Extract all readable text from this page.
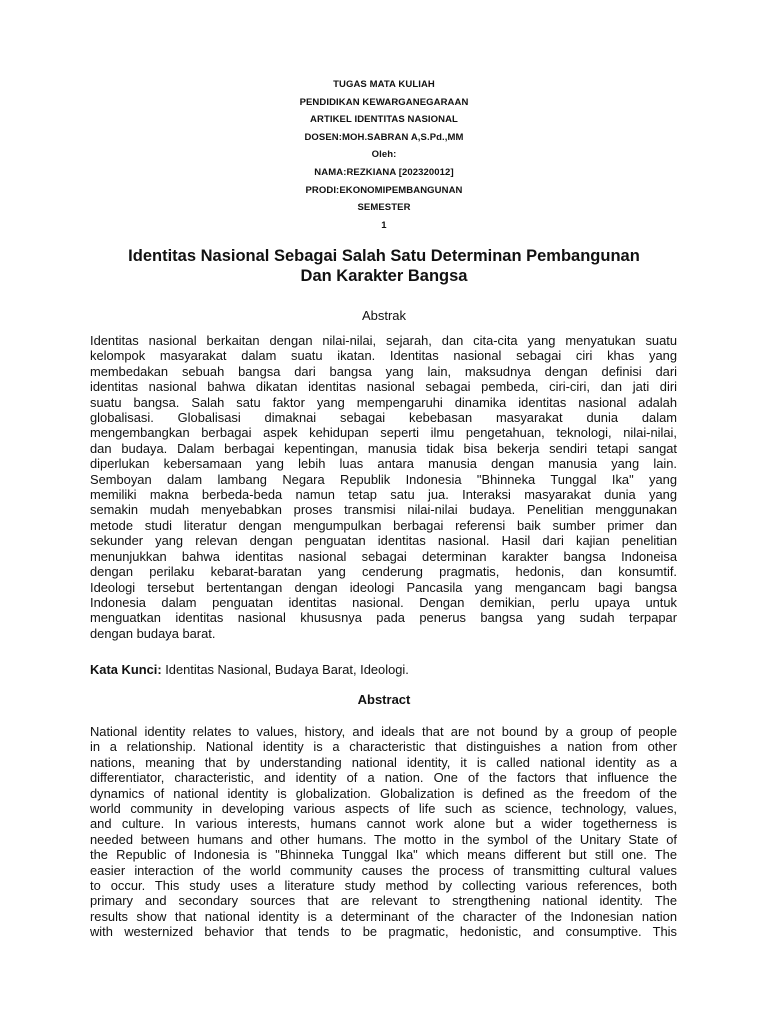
TUGAS MATA KULIAH
PENDIDIKAN KEWARGANEGARAAN
ARTIKEL IDENTITAS NASIONAL
DOSEN:MOH.SABRAN A,S.Pd.,MM
Oleh:
NAMA:REZKIANA [202320012]
PRODI:EKONOMIPEMBANGUNAN
SEMESTER
1
Identitas Nasional Sebagai Salah Satu Determinan Pembangunan
Dan Karakter Bangsa

Abstrak

Identitas nasional berkaitan dengan nilai-nilai, sejarah, dan cita-cita yang menyatukan suatu
kelompok masyarakat dalam suatu ikatan. Identitas nasional sebagai ciri khas yang
membedakan sebuah bangsa dari bangsa yang lain, maksudnya dengan definisi dari
identitas nasional bahwa dikatan identitas nasional sebagai pembeda, ciri-ciri, dan jati diri
suatu bangsa. Salah satu faktor yang mempengaruhi dinamika identitas nasional adalah
globalisasi. Globalisasi dimaknai sebagai kebebasan masyarakat dunia dalam
mengembangkan berbagai aspek kehidupan seperti ilmu pengetahuan, teknologi, nilai-nilai,
dan budaya. Dalam berbagai kepentingan, manusia tidak bisa bekerja sendiri tetapi sangat
diperlukan kebersamaan yang lebih luas antara manusia dengan manusia yang lain.
Semboyan dalam lambang Negara Republik Indonesia "Bhinneka Tunggal Ika" yang
memiliki makna berbeda-beda namun tetap satu jua. Interaksi masyarakat dunia yang
semakin mudah menyebabkan proses transmisi nilai-nilai budaya. Penelitian menggunakan
metode studi literatur dengan mengumpulkan berbagai referensi baik sumber primer dan
sekunder yang relevan dengan penguatan identitas nasional. Hasil dari kajian penelitian
menunjukkan bahwa identitas nasional sebagai determinan karakter bangsa Indoneisa
dengan perilaku kebarat-baratan yang cenderung pragmatis, hedonis, dan konsumtif.
Ideologi tersebut bertentangan dengan ideologi Pancasila yang mengancam bagi bangsa
Indonesia dalam penguatan identitas nasional. Dengan demikian, perlu upaya untuk
menguatkan identitas nasional khususnya pada penerus bangsa yang sudah terpapar
dengan budaya barat.

Kata Kunci: Identitas Nasional, Budaya Barat, Ideologi.

Abstract

National identity relates to values, history, and ideals that are not bound by a group of people
in a relationship. National identity is a characteristic that distinguishes a nation from other
nations, meaning that by understanding national identity, it is called national identity as a
differentiator, characteristic, and identity of a nation. One of the factors that influence the
dynamics of national identity is globalization. Globalization is defined as the freedom of the
world community in developing various aspects of life such as science, technology, values,
and culture. In various interests, humans cannot work alone but a wider togetherness is
needed between humans and other humans. The motto in the symbol of the Unitary State of
the Republic of Indonesia is "Bhinneka Tunggal Ika" which means different but still one. The
easier interaction of the world community causes the process of transmitting cultural values
to occur. This study uses a literature study method by collecting various references, both
primary and secondary sources that are relevant to strengthening national identity. The
results show that national identity is a determinant of the character of the Indonesian nation
with westernized behavior that tends to be pragmatic, hedonistic, and consumptive. This
